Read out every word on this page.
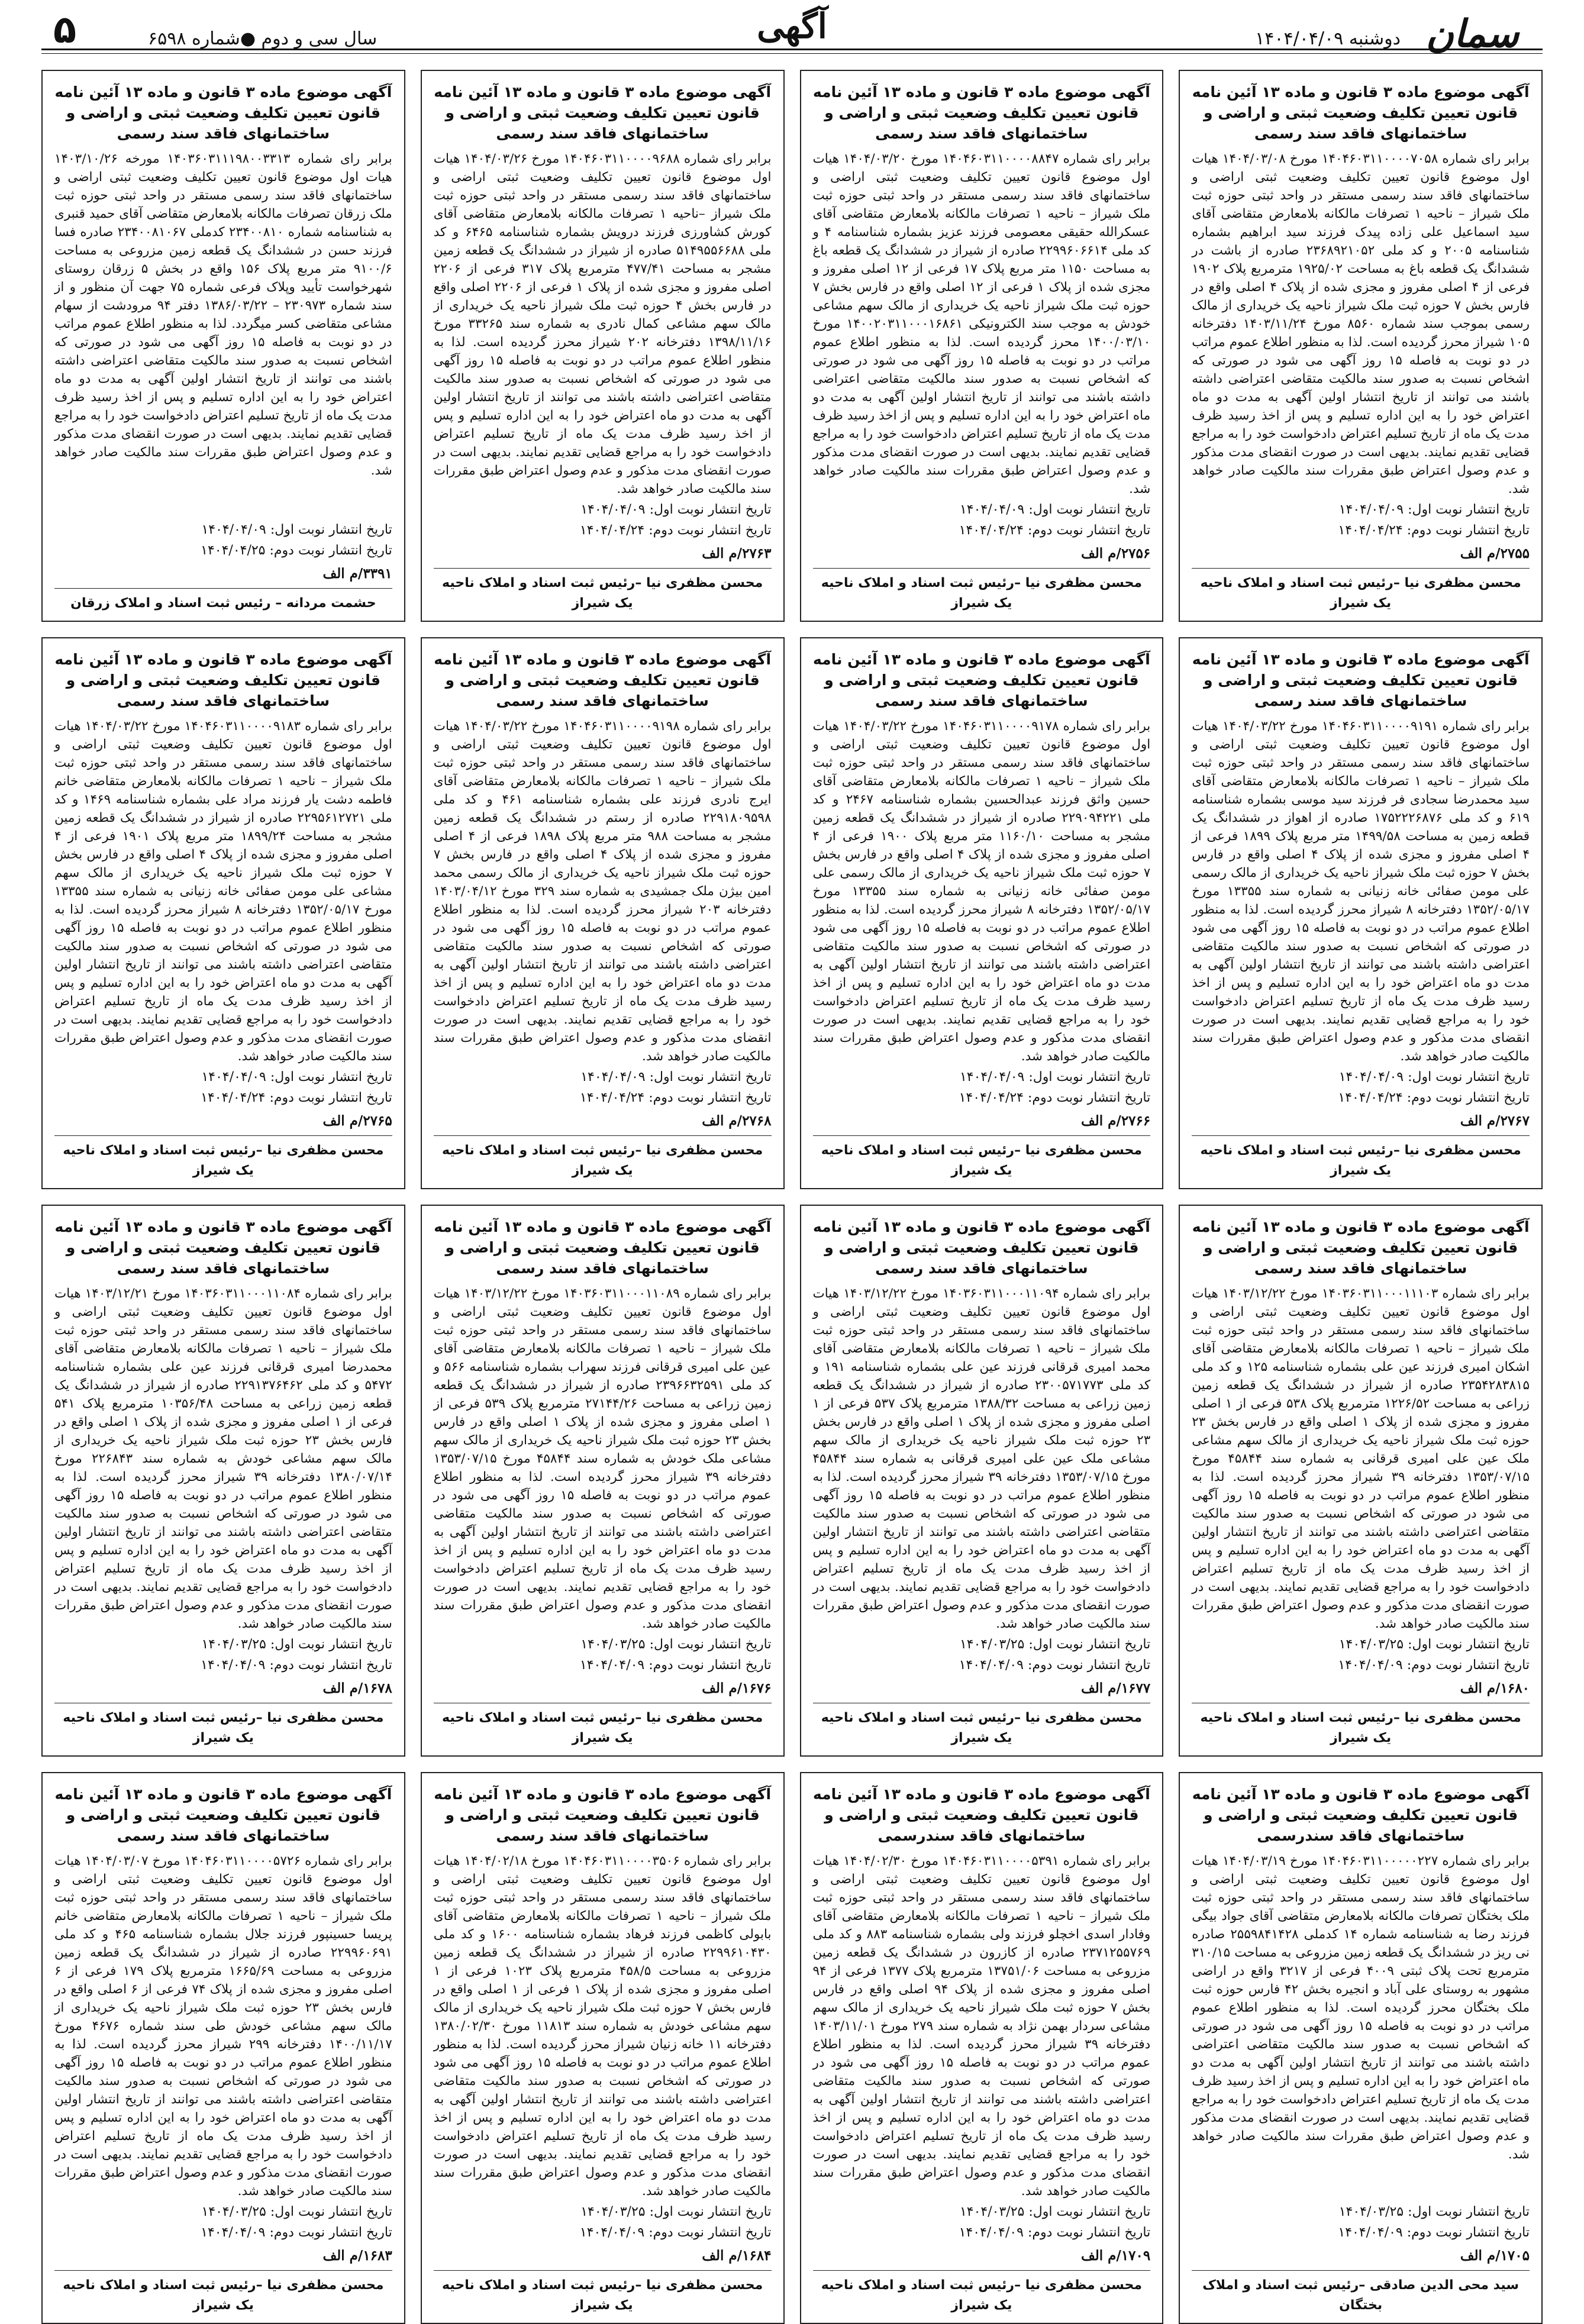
سمان
دوشنبه ۱۴۰۴/۰۴/۰۹
آگهی
سال سی و دوم ●شماره ۶۵۹۸
۵
آگهی موضوع ماده ۳ قانون و ماده ۱۳ آئین نامه قانون تعیین تکلیف وضعیت ثبتی و اراضی و ساختمانهای فاقد سند رسمی
برابر رای شماره ۱۴۰۴۶۰۳۱۱۰۰۰۰۷۰۵۸ مورخ ۱۴۰۴/۰۳/۰۸ هیات اول موضوع قانون تعیین تکلیف وضعیت ثبتی اراضی و ساختمانهای فاقد سند رسمی مستقر در واحد ثبتی حوزه ثبت ملک شیراز – ناحیه ۱ تصرفات مالکانه بلامعارض متقاضی آقای سید اسماعیل علی زاده پیدک فرزند سید ابراهیم بشماره شناسنامه ۲۰۰۵ و کد ملی ۲۳۶۸۹۲۱۰۵۲ صادره از باشت در ششدانگ یک قطعه باغ به مساحت ۱۹۲۵/۰۲ مترمربع پلاک ۱۹۰۲ فرعی از ۴ اصلی مفروز و مجزی شده از پلاک ۴ اصلی واقع در فارس بخش ۷ حوزه ثبت ملک شیراز ناحیه یک خریداری از مالک رسمی بموجب سند شماره ۸۵۶۰ مورخ ۱۴۰۳/۱۱/۲۴ دفترخانه ۱۰۵ شیراز محرز گردیده است. لذا به منظور اطلاع عموم مراتب در دو نوبت به فاصله ۱۵ روز آگهی می شود در صورتی که اشخاص نسبت به صدور سند مالکیت متقاضی اعتراضی داشته باشند می توانند از تاریخ انتشار اولین آگهی به مدت دو ماه اعتراض خود را به این اداره تسلیم و پس از اخذ رسید ظرف مدت یک ماه از تاریخ تسلیم اعتراض دادخواست خود را به مراجع قضایی تقدیم نمایند. بدیهی است در صورت انقضای مدت مذکور و عدم وصول اعتراض طبق مقررات سند مالکیت صادر خواهد شد.
تاریخ انتشار نوبت اول: ۱۴۰۴/۰۴/۰۹
تاریخ انتشار نوبت دوم: ۱۴۰۴/۰۴/۲۴
۲۷۵۵/م الف
محسن مظفری نیا –رئیس ثبت اسناد و املاک ناحیه یک شیراز
آگهی موضوع ماده ۳ قانون و ماده ۱۳ آئین نامه قانون تعیین تکلیف وضعیت ثبتی و اراضی و ساختمانهای فاقد سند رسمی
برابر رای شماره ۱۴۰۴۶۰۳۱۱۰۰۰۰۸۸۴۷ مورخ ۱۴۰۴/۰۳/۲۰ هیات اول موضوع قانون تعیین تکلیف وضعیت ثبتی اراضی و ساختمانهای فاقد سند رسمی مستقر در واحد ثبتی حوزه ثبت ملک شیراز – ناحیه ۱ تصرفات مالکانه بلامعارض متقاضی آقای عسکرالله حقیقی معصومی فرزند عزیز بشماره شناسنامه ۴ و کد ملی ۲۲۹۹۶۰۶۶۱۴ صادره از شیراز در ششدانگ یک قطعه باغ به مساحت ۱۱۵۰ متر مربع پلاک ۱۷ فرعی از ۱۲ اصلی مفروز و مجزی شده از پلاک ۱ فرعی از ۱۲ اصلی واقع در فارس بخش ۷ حوزه ثبت ملک شیراز ناحیه یک خریداری از مالک سهم مشاعی خودش به موجب سند الکترونیکی ۱۴۰۰۲۰۳۱۱۰۰۰۱۶۸۶۱ مورخ ۱۴۰۰/۰۳/۱۰ محرز گردیده است. لذا به منظور اطلاع عموم مراتب در دو نوبت به فاصله ۱۵ روز آگهی می شود در صورتی که اشخاص نسبت به صدور سند مالکیت متقاضی اعتراضی داشته باشند می توانند از تاریخ انتشار اولین آگهی به مدت دو ماه اعتراض خود را به این اداره تسلیم و پس از اخذ رسید ظرف مدت یک ماه از تاریخ تسلیم اعتراض دادخواست خود را به مراجع قضایی تقدیم نمایند. بدیهی است در صورت انقضای مدت مذکور و عدم وصول اعتراض طبق مقررات سند مالکیت صادر خواهد شد.
تاریخ انتشار نوبت اول: ۱۴۰۴/۰۴/۰۹
تاریخ انتشار نوبت دوم: ۱۴۰۴/۰۴/۲۴
۲۷۵۶/م الف
محسن مظفری نیا –رئیس ثبت اسناد و املاک ناحیه یک شیراز
آگهی موضوع ماده ۳ قانون و ماده ۱۳ آئین نامه قانون تعیین تکلیف وضعیت ثبتی و اراضی و ساختمانهای فاقد سند رسمی
برابر رای شماره ۱۴۰۴۶۰۳۱۱۰۰۰۰۹۶۸۸ مورخ ۱۴۰۴/۰۳/۲۶ هیات اول موضوع قانون تعیین تکلیف وضعیت ثبتی اراضی و ساختمانهای فاقد سند رسمی مستقر در واحد ثبتی حوزه ثبت ملک شیراز –ناحیه ۱ تصرفات مالکانه بلامعارض متقاضی آقای کورش کشاورزی فرزند درویش بشماره شناسنامه ۶۴۶۵ و کد ملی ۵۱۴۹۵۵۶۶۸۸ صادره از شیراز در ششدانگ یک قطعه زمین مشجر به مساحت ۴۷۷/۴۱ مترمربع پلاک ۳۱۷ فرعی از ۲۲۰۶ اصلی مفروز و مجزی شده از پلاک ۱ فرعی از ۲۲۰۶ اصلی واقع در فارس بخش ۴ حوزه ثبت ملک شیراز ناحیه یک خریداری از مالک سهم مشاعی کمال نادری به شماره سند ۳۳۲۶۵ مورخ ۱۳۹۸/۱۱/۱۶ دفترخانه ۲۰۲ شیراز محرز گردیده است. لذا به منظور اطلاع عموم مراتب در دو نوبت به فاصله ۱۵ روز آگهی می شود در صورتی که اشخاص نسبت به صدور سند مالکیت متقاضی اعتراضی داشته باشند می توانند از تاریخ انتشار اولین آگهی به مدت دو ماه اعتراض خود را به این اداره تسلیم و پس از اخذ رسید ظرف مدت یک ماه از تاریخ تسلیم اعتراض دادخواست خود را به مراجع قضایی تقدیم نمایند. بدیهی است در صورت انقضای مدت مذکور و عدم وصول اعتراض طبق مقررات سند مالکیت صادر خواهد شد.
تاریخ انتشار نوبت اول: ۱۴۰۴/۰۴/۰۹
تاریخ انتشار نوبت دوم: ۱۴۰۴/۰۴/۲۴
۲۷۶۳/م الف
محسن مظفری نیا –رئیس ثبت اسناد و املاک ناحیه یک شیراز
آگهی موضوع ماده ۳ قانون و ماده ۱۳ آئین نامه قانون تعیین تکلیف وضعیت ثبتی و اراضی و ساختمانهای فاقد سند رسمی
برابر رای شماره ۱۴۰۳۶۰۳۱۱۱۹۸۰۰۳۳۱۳ مورخه ۱۴۰۳/۱۰/۲۶ هیات اول موضوع قانون تعیین تکلیف وضعیت ثبتی اراضی و ساختمانهای فاقد سند رسمی مستقر در واحد ثبتی حوزه ثبت ملک زرقان تصرفات مالکانه بلامعارض متقاضی آقای حمید قنبری به شناسنامه شماره ۲۳۴۰۰۸۱۰ کدملی ۲۳۴۰۰۸۱۰۶۷ صادره فسا فرزند حسن در ششدانگ یک قطعه زمین مزروعی به مساحت ۹۱۰۰/۶ متر مربع پلاک ۱۵۶ واقع در بخش ۵ زرقان روستای شهرخواست تأیید وپلاک فرعی شماره ۷۵ جهت آن منظور و از سند شماره ۲۳۰۹۷۳ – ۱۳۸۶/۰۳/۲۲ دفتر ۹۴ مرودشت از سهام مشاعی متقاضی کسر میگردد. لذا به منظور اطلاع عموم مراتب در دو نوبت به فاصله ۱۵ روز آگهی می شود در صورتی که اشخاص نسبت به صدور سند مالکیت متقاضی اعتراضی داشته باشند می توانند از تاریخ انتشار اولین آگهی به مدت دو ماه اعتراض خود را به این اداره تسلیم و پس از اخذ رسید ظرف مدت یک ماه از تاریخ تسلیم اعتراض دادخواست خود را به مراجع قضایی تقدیم نمایند. بدیهی است در صورت انقضای مدت مذکور و عدم وصول اعتراض طبق مقررات سند مالکیت صادر خواهد شد.
تاریخ انتشار نوبت اول: ۱۴۰۴/۰۴/۰۹
تاریخ انتشار نوبت دوم: ۱۴۰۴/۰۴/۲۵
۳۳۹۱/م الف
حشمت مردانه – رئیس ثبت اسناد و املاک زرقان
آگهی موضوع ماده ۳ قانون و ماده ۱۳ آئین نامه قانون تعیین تکلیف وضعیت ثبتی و اراضی و ساختمانهای فاقد سند رسمی
برابر رای شماره ۱۴۰۴۶۰۳۱۱۰۰۰۰۹۱۹۱ مورخ ۱۴۰۴/۰۳/۲۲ هیات اول موضوع قانون تعیین تکلیف وضعیت ثبتی اراضی و ساختمانهای فاقد سند رسمی مستقر در واحد ثبتی حوزه ثبت ملک شیراز – ناحیه ۱ تصرفات مالکانه بلامعارض متقاضی آقای سید محمدرضا سجادی فر فرزند سید موسی بشماره شناسنامه ۶۱۹ و کد ملی ۱۷۵۲۲۲۶۸۷۶ صادره از اهواز در ششدانگ یک قطعه زمین به مساحت ۱۴۹۹/۵۸ متر مربع پلاک ۱۸۹۹ فرعی از ۴ اصلی مفروز و مجزی شده از پلاک ۴ اصلی واقع در فارس بخش ۷ حوزه ثبت ملک شیراز ناحیه یک خریداری از مالک رسمی علی مومن صفائی خانه زنیانی به شماره سند ۱۳۳۵۵ مورخ ۱۳۵۲/۰۵/۱۷ دفترخانه ۸ شیراز محرز گردیده است. لذا به منظور اطلاع عموم مراتب در دو نوبت به فاصله ۱۵ روز آگهی می شود در صورتی که اشخاص نسبت به صدور سند مالکیت متقاضی اعتراضی داشته باشند می توانند از تاریخ انتشار اولین آگهی به مدت دو ماه اعتراض خود را به این اداره تسلیم و پس از اخذ رسید ظرف مدت یک ماه از تاریخ تسلیم اعتراض دادخواست خود را به مراجع قضایی تقدیم نمایند. بدیهی است در صورت انقضای مدت مذکور و عدم وصول اعتراض طبق مقررات سند مالکیت صادر خواهد شد.
تاریخ انتشار نوبت اول: ۱۴۰۴/۰۴/۰۹
تاریخ انتشار نوبت دوم: ۱۴۰۴/۰۴/۲۴
۲۷۶۷/م الف
محسن مظفری نیا –رئیس ثبت اسناد و املاک ناحیه یک شیراز
آگهی موضوع ماده ۳ قانون و ماده ۱۳ آئین نامه قانون تعیین تکلیف وضعیت ثبتی و اراضی و ساختمانهای فاقد سند رسمی
برابر رای شماره ۱۴۰۴۶۰۳۱۱۰۰۰۰۹۱۷۸ مورخ ۱۴۰۴/۰۳/۲۲ هیات اول موضوع قانون تعیین تکلیف وضعیت ثبتی اراضی و ساختمانهای فاقد سند رسمی مستقر در واحد ثبتی حوزه ثبت ملک شیراز – ناحیه ۱ تصرفات مالکانه بلامعارض متقاضی آقای حسین واثق فرزند عبدالحسین بشماره شناسنامه ۲۴۶۷ و کد ملی ۲۲۹۰۹۴۲۲۱ صادره از شیراز در ششدانگ یک قطعه زمین مشجر به مساحت ۱۱۶۰/۱۰ متر مربع پلاک ۱۹۰۰ فرعی از ۴ اصلی مفروز و مجزی شده از پلاک ۴ اصلی واقع در فارس بخش ۷ حوزه ثبت ملک شیراز ناحیه یک خریداری از مالک رسمی علی مومن صفائی خانه زنیانی به شماره سند ۱۳۳۵۵ مورخ ۱۳۵۲/۰۵/۱۷ دفترخانه ۸ شیراز محرز گردیده است. لذا به منظور اطلاع عموم مراتب در دو نوبت به فاصله ۱۵ روز آگهی می شود در صورتی که اشخاص نسبت به صدور سند مالکیت متقاضی اعتراضی داشته باشند می توانند از تاریخ انتشار اولین آگهی به مدت دو ماه اعتراض خود را به این اداره تسلیم و پس از اخذ رسید ظرف مدت یک ماه از تاریخ تسلیم اعتراض دادخواست خود را به مراجع قضایی تقدیم نمایند. بدیهی است در صورت انقضای مدت مذکور و عدم وصول اعتراض طبق مقررات سند مالکیت صادر خواهد شد.
تاریخ انتشار نوبت اول: ۱۴۰۴/۰۴/۰۹
تاریخ انتشار نوبت دوم: ۱۴۰۴/۰۴/۲۴
۲۷۶۶/م الف
محسن مظفری نیا –رئیس ثبت اسناد و املاک ناحیه یک شیراز
آگهی موضوع ماده ۳ قانون و ماده ۱۳ آئین نامه قانون تعیین تکلیف وضعیت ثبتی و اراضی و ساختمانهای فاقد سند رسمی
برابر رای شماره ۱۴۰۴۶۰۳۱۱۰۰۰۰۹۱۹۸ مورخ ۱۴۰۴/۰۳/۲۲ هیات اول موضوع قانون تعیین تکلیف وضعیت ثبتی اراضی و ساختمانهای فاقد سند رسمی مستقر در واحد ثبتی حوزه ثبت ملک شیراز – ناحیه ۱ تصرفات مالکانه بلامعارض متقاضی آقای ایرج نادری فرزند علی بشماره شناسنامه ۴۶۱ و کد ملی ۲۲۹۱۸۰۹۵۹۸ صادره از رستم در ششدانگ یک قطعه زمین مشجر به مساحت ۹۸۸ متر مربع پلاک ۱۸۹۸ فرعی از ۴ اصلی مفروز و مجزی شده از پلاک ۴ اصلی واقع در فارس بخش ۷ حوزه ثبت ملک شیراز ناحیه یک خریداری از مالک رسمی محمد امین بیژن ملک جمشیدی به شماره سند ۳۲۹ مورخ ۱۴۰۳/۰۴/۱۲ دفترخانه ۲۰۳ شیراز محرز گردیده است. لذا به منظور اطلاع عموم مراتب در دو نوبت به فاصله ۱۵ روز آگهی می شود در صورتی که اشخاص نسبت به صدور سند مالکیت متقاضی اعتراضی داشته باشند می توانند از تاریخ انتشار اولین آگهی به مدت دو ماه اعتراض خود را به این اداره تسلیم و پس از اخذ رسید ظرف مدت یک ماه از تاریخ تسلیم اعتراض دادخواست خود را به مراجع قضایی تقدیم نمایند. بدیهی است در صورت انقضای مدت مذکور و عدم وصول اعتراض طبق مقررات سند مالکیت صادر خواهد شد.
تاریخ انتشار نوبت اول: ۱۴۰۴/۰۴/۰۹
تاریخ انتشار نوبت دوم: ۱۴۰۴/۰۴/۲۴
۲۷۶۸/م الف
محسن مظفری نیا –رئیس ثبت اسناد و املاک ناحیه یک شیراز
آگهی موضوع ماده ۳ قانون و ماده ۱۳ آئین نامه قانون تعیین تکلیف وضعیت ثبتی و اراضی و ساختمانهای فاقد سند رسمی
برابر رای شماره ۱۴۰۴۶۰۳۱۱۰۰۰۰۹۱۸۳ مورخ ۱۴۰۴/۰۳/۲۲ هیات اول موضوع قانون تعیین تکلیف وضعیت ثبتی اراضی و ساختمانهای فاقد سند رسمی مستقر در واحد ثبتی حوزه ثبت ملک شیراز – ناحیه ۱ تصرفات مالکانه بلامعارض متقاضی خانم فاطمه دشت یار فرزند مراد علی بشماره شناسنامه ۱۴۶۹ و کد ملی ۲۲۹۵۶۱۲۷۲۱ صادره از شیراز در ششدانگ یک قطعه زمین مشجر به مساحت ۱۸۹۹/۲۴ متر مربع پلاک ۱۹۰۱ فرعی از ۴ اصلی مفروز و مجزی شده از پلاک ۴ اصلی واقع در فارس بخش ۷ حوزه ثبت ملک شیراز ناحیه یک خریداری از مالک سهم مشاعی علی مومن صفائی خانه زنیانی به شماره سند ۱۳۳۵۵ مورخ ۱۳۵۲/۰۵/۱۷ دفترخانه ۸ شیراز محرز گردیده است. لذا به منظور اطلاع عموم مراتب در دو نوبت به فاصله ۱۵ روز آگهی می شود در صورتی که اشخاص نسبت به صدور سند مالکیت متقاضی اعتراضی داشته باشند می توانند از تاریخ انتشار اولین آگهی به مدت دو ماه اعتراض خود را به این اداره تسلیم و پس از اخذ رسید ظرف مدت یک ماه از تاریخ تسلیم اعتراض دادخواست خود را به مراجع قضایی تقدیم نمایند. بدیهی است در صورت انقضای مدت مذکور و عدم وصول اعتراض طبق مقررات سند مالکیت صادر خواهد شد.
تاریخ انتشار نوبت اول: ۱۴۰۴/۰۴/۰۹
تاریخ انتشار نوبت دوم: ۱۴۰۴/۰۴/۲۴
۲۷۶۵/م الف
محسن مظفری نیا –رئیس ثبت اسناد و املاک ناحیه یک شیراز
آگهی موضوع ماده ۳ قانون و ماده ۱۳ آئین نامه قانون تعیین تکلیف وضعیت ثبتی و اراضی و ساختمانهای فاقد سند رسمی
برابر رای شماره ۱۴۰۳۶۰۳۱۱۰۰۰۱۱۱۰۳ مورخ ۱۴۰۳/۱۲/۲۲ هیات اول موضوع قانون تعیین تکلیف وضعیت ثبتی اراضی و ساختمانهای فاقد سند رسمی مستقر در واحد ثبتی حوزه ثبت ملک شیراز – ناحیه ۱ تصرفات مالکانه بلامعارض متقاضی آقای اشکان امیری فرزند عین علی بشماره شناسنامه ۱۲۵ و کد ملی ۲۳۵۴۲۸۳۸۱۵ صادره از شیراز در ششدانگ یک قطعه زمین زراعی به مساحت ۱۲۲۶/۵۲ مترمربع پلاک ۵۳۸ فرعی از ۱ اصلی مفروز و مجزی شده از پلاک ۱ اصلی واقع در فارس بخش ۲۳ حوزه ثبت ملک شیراز ناحیه یک خریداری از مالک سهم مشاعی ملک عین علی امیری قرقانی به شماره سند ۴۵۸۴۴ مورخ ۱۳۵۳/۰۷/۱۵ دفترخانه ۳۹ شیراز محرز گردیده است. لذا به منظور اطلاع عموم مراتب در دو نوبت به فاصله ۱۵ روز آگهی می شود در صورتی که اشخاص نسبت به صدور سند مالکیت متقاضی اعتراضی داشته باشند می توانند از تاریخ انتشار اولین آگهی به مدت دو ماه اعتراض خود را به این اداره تسلیم و پس از اخذ رسید ظرف مدت یک ماه از تاریخ تسلیم اعتراض دادخواست خود را به مراجع قضایی تقدیم نمایند. بدیهی است در صورت انقضای مدت مذکور و عدم وصول اعتراض طبق مقررات سند مالکیت صادر خواهد شد.
تاریخ انتشار نوبت اول: ۱۴۰۴/۰۳/۲۵
تاریخ انتشار نوبت دوم: ۱۴۰۴/۰۴/۰۹
۱۶۸۰/م الف
محسن مظفری نیا –رئیس ثبت اسناد و املاک ناحیه یک شیراز
آگهی موضوع ماده ۳ قانون و ماده ۱۳ آئین نامه قانون تعیین تکلیف وضعیت ثبتی و اراضی و ساختمانهای فاقد سند رسمی
برابر رای شماره ۱۴۰۳۶۰۳۱۱۰۰۰۱۱۰۹۴ مورخ ۱۴۰۳/۱۲/۲۲ هیات اول موضوع قانون تعیین تکلیف وضعیت ثبتی اراضی و ساختمانهای فاقد سند رسمی مستقر در واحد ثبتی حوزه ثبت ملک شیراز – ناحیه ۱ تصرفات مالکانه بلامعارض متقاضی آقای محمد امیری قرقانی فرزند عین علی بشماره شناسنامه ۱۹۱ و کد ملی ۲۳۰۰۵۷۱۷۷۳ صادره از شیراز در ششدانگ یک قطعه زمین زراعی به مساحت ۱۳۸۸/۳۲ مترمربع پلاک ۵۳۷ فرعی از ۱ اصلی مفروز و مجزی شده از پلاک ۱ اصلی واقع در فارس بخش ۲۳ حوزه ثبت ملک شیراز ناحیه یک خریداری از مالک سهم مشاعی ملک عین علی امیری قرقانی به شماره سند ۴۵۸۴۴ مورخ ۱۳۵۳/۰۷/۱۵ دفترخانه ۳۹ شیراز محرز گردیده است. لذا به منظور اطلاع عموم مراتب در دو نوبت به فاصله ۱۵ روز آگهی می شود در صورتی که اشخاص نسبت به صدور سند مالکیت متقاضی اعتراضی داشته باشند می توانند از تاریخ انتشار اولین آگهی به مدت دو ماه اعتراض خود را به این اداره تسلیم و پس از اخذ رسید ظرف مدت یک ماه از تاریخ تسلیم اعتراض دادخواست خود را به مراجع قضایی تقدیم نمایند. بدیهی است در صورت انقضای مدت مذکور و عدم وصول اعتراض طبق مقررات سند مالکیت صادر خواهد شد.
تاریخ انتشار نوبت اول: ۱۴۰۴/۰۳/۲۵
تاریخ انتشار نوبت دوم: ۱۴۰۴/۰۴/۰۹
۱۶۷۷/م الف
محسن مظفری نیا –رئیس ثبت اسناد و املاک ناحیه یک شیراز
آگهی موضوع ماده ۳ قانون و ماده ۱۳ آئین نامه قانون تعیین تکلیف وضعیت ثبتی و اراضی و ساختمانهای فاقد سند رسمی
برابر رای شماره ۱۴۰۳۶۰۳۱۱۰۰۰۱۱۰۸۹ مورخ ۱۴۰۳/۱۲/۲۲ هیات اول موضوع قانون تعیین تکلیف وضعیت ثبتی اراضی و ساختمانهای فاقد سند رسمی مستقر در واحد ثبتی حوزه ثبت ملک شیراز – ناحیه ۱ تصرفات مالکانه بلامعارض متقاضی آقای عین علی امیری قرقانی فرزند سهراب بشماره شناسنامه ۵۶۶ و کد ملی ۲۳۹۶۶۳۲۵۹۱ صادره از شیراز در ششدانگ یک قطعه زمین زراعی به مساحت ۲۷۱۴۴/۲۶ مترمربع پلاک ۵۳۹ فرعی از ۱ اصلی مفروز و مجزی شده از پلاک ۱ اصلی واقع در فارس بخش ۲۳ حوزه ثبت ملک شیراز ناحیه یک خریداری از مالک سهم مشاعی ملک خودش به شماره سند ۴۵۸۴۴ مورخ ۱۳۵۳/۰۷/۱۵ دفترخانه ۳۹ شیراز محرز گردیده است. لذا به منظور اطلاع عموم مراتب در دو نوبت به فاصله ۱۵ روز آگهی می شود در صورتی که اشخاص نسبت به صدور سند مالکیت متقاضی اعتراضی داشته باشند می توانند از تاریخ انتشار اولین آگهی به مدت دو ماه اعتراض خود را به این اداره تسلیم و پس از اخذ رسید ظرف مدت یک ماه از تاریخ تسلیم اعتراض دادخواست خود را به مراجع قضایی تقدیم نمایند. بدیهی است در صورت انقضای مدت مذکور و عدم وصول اعتراض طبق مقررات سند مالکیت صادر خواهد شد.
تاریخ انتشار نوبت اول: ۱۴۰۴/۰۳/۲۵
تاریخ انتشار نوبت دوم: ۱۴۰۴/۰۴/۰۹
۱۶۷۶/م الف
محسن مظفری نیا –رئیس ثبت اسناد و املاک ناحیه یک شیراز
آگهی موضوع ماده ۳ قانون و ماده ۱۳ آئین نامه قانون تعیین تکلیف وضعیت ثبتی و اراضی و ساختمانهای فاقد سند رسمی
برابر رای شماره ۱۴۰۳۶۰۳۱۱۰۰۰۱۱۰۸۴ مورخ ۱۴۰۳/۱۲/۲۱ هیات اول موضوع قانون تعیین تکلیف وضعیت ثبتی اراضی و ساختمانهای فاقد سند رسمی مستقر در واحد ثبتی حوزه ثبت ملک شیراز – ناحیه ۱ تصرفات مالکانه بلامعارض متقاضی آقای محمدرضا امیری قرقانی فرزند عین علی بشماره شناسنامه ۵۴۷۲ و کد ملی ۲۲۹۱۳۷۶۴۶۲ صادره از شیراز در ششدانگ یک قطعه زمین زراعی به مساحت ۱۰۳۵۶/۴۸ مترمربع پلاک ۵۴۱ فرعی از ۱ اصلی مفروز و مجزی شده از پلاک ۱ اصلی واقع در فارس بخش ۲۳ حوزه ثبت ملک شیراز ناحیه یک خریداری از مالک سهم مشاعی خودش به شماره سند ۲۲۶۸۴۳ مورخ ۱۳۸۰/۰۷/۱۴ دفترخانه ۳۹ شیراز محرز گردیده است. لذا به منظور اطلاع عموم مراتب در دو نوبت به فاصله ۱۵ روز آگهی می شود در صورتی که اشخاص نسبت به صدور سند مالکیت متقاضی اعتراضی داشته باشند می توانند از تاریخ انتشار اولین آگهی به مدت دو ماه اعتراض خود را به این اداره تسلیم و پس از اخذ رسید ظرف مدت یک ماه از تاریخ تسلیم اعتراض دادخواست خود را به مراجع قضایی تقدیم نمایند. بدیهی است در صورت انقضای مدت مذکور و عدم وصول اعتراض طبق مقررات سند مالکیت صادر خواهد شد.
تاریخ انتشار نوبت اول: ۱۴۰۴/۰۳/۲۵
تاریخ انتشار نوبت دوم: ۱۴۰۴/۰۴/۰۹
۱۶۷۸/م الف
محسن مظفری نیا –رئیس ثبت اسناد و املاک ناحیه یک شیراز
آگهی موضوع ماده ۳ قانون و ماده ۱۳ آئین نامه قانون تعیین تکلیف وضعیت ثبتی و اراضی و ساختمانهای فاقد سندرسمی
برابر رای شماره ۱۴۰۴۶۰۳۱۱۰۰۰۰۰۲۲۷ مورخ ۱۴۰۴/۰۳/۱۹ هیات اول موضوع قانون تعیین تکلیف وضعیت ثبتی اراضی و ساختمانهای فاقد سند رسمی مستقر در واحد ثبتی حوزه ثبت ملک بختگان تصرفات مالکانه بلامعارض متقاضی آقای جواد بیگی فرزند رضا به شناسنامه شماره ۱۴ کدملی ۲۵۵۹۸۴۱۴۲۸ صادره نی ریز در ششدانگ یک قطعه زمین مزروعی به مساحت ۳۱۰/۱۵ مترمربع تحت پلاک ثبتی ۴۰۰۹ فرعی از ۳۲۱۷ واقع در اراضی مشهور به روستای علی آباد و انجیره بخش ۴۲ فارس حوزه ثبت ملک بختگان محرز گردیده است. لذا به منظور اطلاع عموم مراتب در دو نوبت به فاصله ۱۵ روز آگهی می شود در صورتی که اشخاص نسبت به صدور سند مالکیت متقاضی اعتراضی داشته باشند می توانند از تاریخ انتشار اولین آگهی به مدت دو ماه اعتراض خود را به این اداره تسلیم و پس از اخذ رسید ظرف مدت یک ماه از تاریخ تسلیم اعتراض دادخواست خود را به مراجع قضایی تقدیم نمایند. بدیهی است در صورت انقضای مدت مذکور و عدم وصول اعتراض طبق مقررات سند مالکیت صادر خواهد شد.
تاریخ انتشار نوبت اول: ۱۴۰۴/۰۳/۲۵
تاریخ انتشار نوبت دوم: ۱۴۰۴/۰۴/۰۹
۱۷۰۵/م الف
سید محی الدین صادقی –رئیس ثبت اسناد و املاک بختگان
آگهی موضوع ماده ۳ قانون و ماده ۱۳ آئین نامه قانون تعیین تکلیف وضعیت ثبتی و اراضی و ساختمانهای فاقد سندرسمی
برابر رای شماره ۱۴۰۴۶۰۳۱۱۰۰۰۰۵۳۹۱ مورخ ۱۴۰۴/۰۲/۳۰ هیات اول موضوع قانون تعیین تکلیف وضعیت ثبتی اراضی و ساختمانهای فاقد سند رسمی مستقر در واحد ثبتی حوزه ثبت ملک شیراز – ناحیه ۱ تصرفات مالکانه بلامعارض متقاضی آقای وفادار اسدی اخچلو فرزند ولی بشماره شناسنامه ۸۸۳ و کد ملی ۲۳۷۱۲۵۵۷۶۹ صادره از کازرون در ششدانگ یک قطعه زمین مزروعی به مساحت ۱۳۷۵۱/۰۶ مترمربع پلاک ۱۳۷۷ فرعی از ۹۴ اصلی مفروز و مجزی شده از پلاک ۹۴ اصلی واقع در فارس بخش ۷ حوزه ثبت ملک شیراز ناحیه یک خریداری از مالک سهم مشاعی سردار بهمن نژاد به شماره سند ۲۷۹ مورخ ۱۴۰۳/۱۱/۰۱ دفترخانه ۳۹ شیراز محرز گردیده است. لذا به منظور اطلاع عموم مراتب در دو نوبت به فاصله ۱۵ روز آگهی می شود در صورتی که اشخاص نسبت به صدور سند مالکیت متقاضی اعتراضی داشته باشند می توانند از تاریخ انتشار اولین آگهی به مدت دو ماه اعتراض خود را به این اداره تسلیم و پس از اخذ رسید ظرف مدت یک ماه از تاریخ تسلیم اعتراض دادخواست خود را به مراجع قضایی تقدیم نمایند. بدیهی است در صورت انقضای مدت مذکور و عدم وصول اعتراض طبق مقررات سند مالکیت صادر خواهد شد.
تاریخ انتشار نوبت اول: ۱۴۰۴/۰۳/۲۵
تاریخ انتشار نوبت دوم: ۱۴۰۴/۰۴/۰۹
۱۷۰۹/م الف
محسن مظفری نیا –رئیس ثبت اسناد و املاک ناحیه یک شیراز
آگهی موضوع ماده ۳ قانون و ماده ۱۳ آئین نامه قانون تعیین تکلیف وضعیت ثبتی و اراضی و ساختمانهای فاقد سند رسمی
برابر رای شماره ۱۴۰۴۶۰۳۱۱۰۰۰۰۳۵۰۶ مورخ ۱۴۰۴/۰۲/۱۸ هیات اول موضوع قانون تعیین تکلیف وضعیت ثبتی اراضی و ساختمانهای فاقد سند رسمی مستقر در واحد ثبتی حوزه ثبت ملک شیراز – ناحیه ۱ تصرفات مالکانه بلامعارض متقاضی آقای بابولی کاظمی فرزند فرهاد بشماره شناسنامه ۱۶۰۰ و کد ملی ۲۲۹۹۶۱۰۴۳۰ صادره از شیراز در ششدانگ یک قطعه زمین مزروعی به مساحت ۴۵۸/۵ مترمربع پلاک ۱۰۲۳ فرعی از ۱ اصلی مفروز و مجزی شده از پلاک ۱ فرعی از ۱ اصلی واقع در فارس بخش ۷ حوزه ثبت ملک شیراز ناحیه یک خریداری از مالک سهم مشاعی خودش به شماره سند ۱۱۸۱۳ مورخ ۱۳۸۰/۰۲/۳۰ دفترخانه ۱۱ خانه زنیان شیراز محرز گردیده است. لذا به منظور اطلاع عموم مراتب در دو نوبت به فاصله ۱۵ روز آگهی می شود در صورتی که اشخاص نسبت به صدور سند مالکیت متقاضی اعتراضی داشته باشند می توانند از تاریخ انتشار اولین آگهی به مدت دو ماه اعتراض خود را به این اداره تسلیم و پس از اخذ رسید ظرف مدت یک ماه از تاریخ تسلیم اعتراض دادخواست خود را به مراجع قضایی تقدیم نمایند. بدیهی است در صورت انقضای مدت مذکور و عدم وصول اعتراض طبق مقررات سند مالکیت صادر خواهد شد.
تاریخ انتشار نوبت اول: ۱۴۰۴/۰۳/۲۵
تاریخ انتشار نوبت دوم: ۱۴۰۴/۰۴/۰۹
۱۶۸۴/م الف
محسن مظفری نیا –رئیس ثبت اسناد و املاک ناحیه یک شیراز
آگهی موضوع ماده ۳ قانون و ماده ۱۳ آئین نامه قانون تعیین تکلیف وضعیت ثبتی و اراضی و ساختمانهای فاقد سند رسمی
برابر رای شماره ۱۴۰۴۶۰۳۱۱۰۰۰۰۵۷۲۶ مورخ ۱۴۰۴/۰۳/۰۷ هیات اول موضوع قانون تعیین تکلیف وضعیت ثبتی اراضی و ساختمانهای فاقد سند رسمی مستقر در واحد ثبتی حوزه ثبت ملک شیراز – ناحیه ۱ تصرفات مالکانه بلامعارض متقاضی خانم پریسا حسینپور فرزند جلال بشماره شناسنامه ۴۶۵ و کد ملی ۲۲۹۹۶۰۶۹۱ صادره از شیراز در ششدانگ یک قطعه زمین مزروعی به مساحت ۱۶۶۵/۶۹ مترمربع پلاک ۱۷۹ فرعی از ۶ اصلی مفروز و مجزی شده از پلاک ۷۴ فرعی از ۶ اصلی واقع در فارس بخش ۲۳ حوزه ثبت ملک شیراز ناحیه یک خریداری از مالک سهم مشاعی خودش طی سند شماره ۴۶۷۶ مورخ ۱۴۰۰/۱۱/۱۷ دفترخانه ۲۹۹ شیراز محرز گردیده است. لذا به منظور اطلاع عموم مراتب در دو نوبت به فاصله ۱۵ روز آگهی می شود در صورتی که اشخاص نسبت به صدور سند مالکیت متقاضی اعتراضی داشته باشند می توانند از تاریخ انتشار اولین آگهی به مدت دو ماه اعتراض خود را به این اداره تسلیم و پس از اخذ رسید ظرف مدت یک ماه از تاریخ تسلیم اعتراض دادخواست خود را به مراجع قضایی تقدیم نمایند. بدیهی است در صورت انقضای مدت مذکور و عدم وصول اعتراض طبق مقررات سند مالکیت صادر خواهد شد.
تاریخ انتشار نوبت اول: ۱۴۰۴/۰۳/۲۵
تاریخ انتشار نوبت دوم: ۱۴۰۴/۰۴/۰۹
۱۶۸۳/م الف
محسن مظفری نیا –رئیس ثبت اسناد و املاک ناحیه یک شیراز
